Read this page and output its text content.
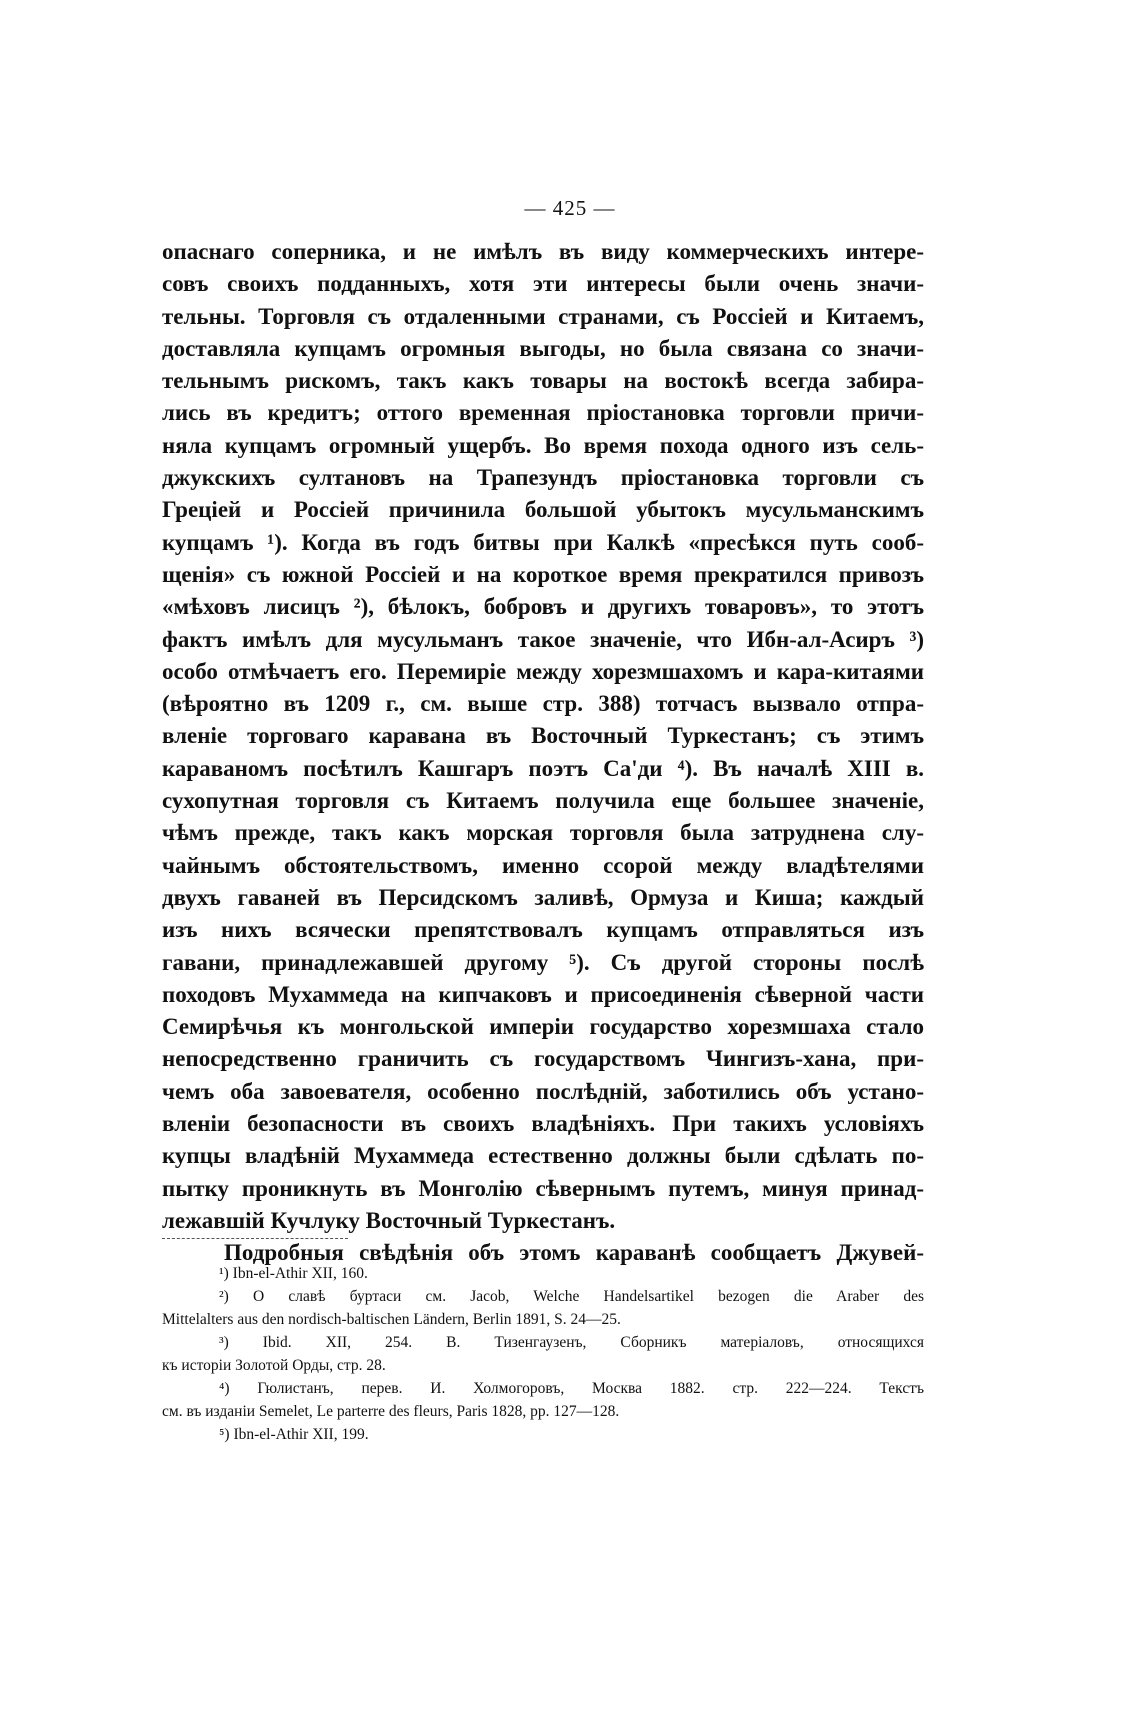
— 425 —
опаснаго соперника, и не имѣлъ въ виду коммерческихъ интере-
совъ своихъ подданныхъ, хотя эти интересы были очень значи-
тельны. Торговля съ отдаленными странами, съ Россіей и Китаемъ,
доставляла купцамъ огромныя выгоды, но была связана со значи-
тельнымъ рискомъ, такъ какъ товары на востокѣ всегда забира-
лись въ кредитъ; оттого временная пріостановка торговли причи-
няла купцамъ огромный ущербъ. Во время похода одного изъ сель-
джукскихъ султановъ на Трапезундъ пріостановка торговли съ
Греціей и Россіей причинила большой убытокъ мусульманскимъ
купцамъ ¹). Когда въ годъ битвы при Калкѣ «пресѣкся путь сооб-
щенія» съ южной Россіей и на короткое время прекратился привозъ
«мѣховъ лисицъ ²), бѣлокъ, бобровъ и другихъ товаровъ», то этотъ
фактъ имѣлъ для мусульманъ такое значеніе, что Ибн-ал-Асиръ ³)
особо отмѣчаетъ его. Перемиріе между хорезмшахомъ и кара-китаями
(вѣроятно въ 1209 г., см. выше стр. 388) тотчасъ вызвало отпра-
вленіе торговаго каравана въ Восточный Туркестанъ; съ этимъ
караваномъ посѣтилъ Кашгаръ поэтъ Са'ди ⁴). Въ началѣ XIII в.
сухопутная торговля съ Китаемъ получила еще большее значеніе,
чѣмъ прежде, такъ какъ морская торговля была затруднена слу-
чайнымъ обстоятельствомъ, именно ссорой между владѣтелями
двухъ гаваней въ Персидскомъ заливѣ, Ормуза и Киша; каждый
изъ нихъ всячески препятствовалъ купцамъ отправляться изъ
гавани, принадлежавшей другому ⁵). Съ другой стороны послѣ
походовъ Мухаммеда на кипчаковъ и присоединенія сѣверной части
Семирѣчья къ монгольской имперіи государство хорезмшаха стало
непосредственно граничить съ государствомъ Чингизъ-хана, при-
чемъ оба завоевателя, особенно послѣдній, заботились объ устано-
вленіи безопасности въ своихъ владѣніяхъ. При такихъ условіяхъ
купцы владѣній Мухаммеда естественно должны были сдѣлать по-
пытку проникнуть въ Монголію сѣвернымъ путемъ, минуя принад-
лежавшій Кучлуку Восточный Туркестанъ.
Подробныя свѣдѣнія объ этомъ караванѣ сообщаетъ Джувей-
¹) Ibn-el-Athir XII, 160.
²) О славѣ буртаси см. Jacob, Welche Handelsartikel bezogen die Araber des
Mittelalters aus den nordisch-baltischen Ländern, Berlin 1891, S. 24—25.
³) Ibid. XII, 254. В. Тизенгаузенъ, Сборникъ матеріаловъ, относящихся
къ исторіи Золотой Орды, стр. 28.
⁴) Гюлистанъ, перев. И. Холмогоровъ, Москва 1882. стр. 222—224. Текстъ
см. въ изданіи Semelet, Le parterre des fleurs, Paris 1828, pp. 127—128.
⁵) Ibn-el-Athir XII, 199.
